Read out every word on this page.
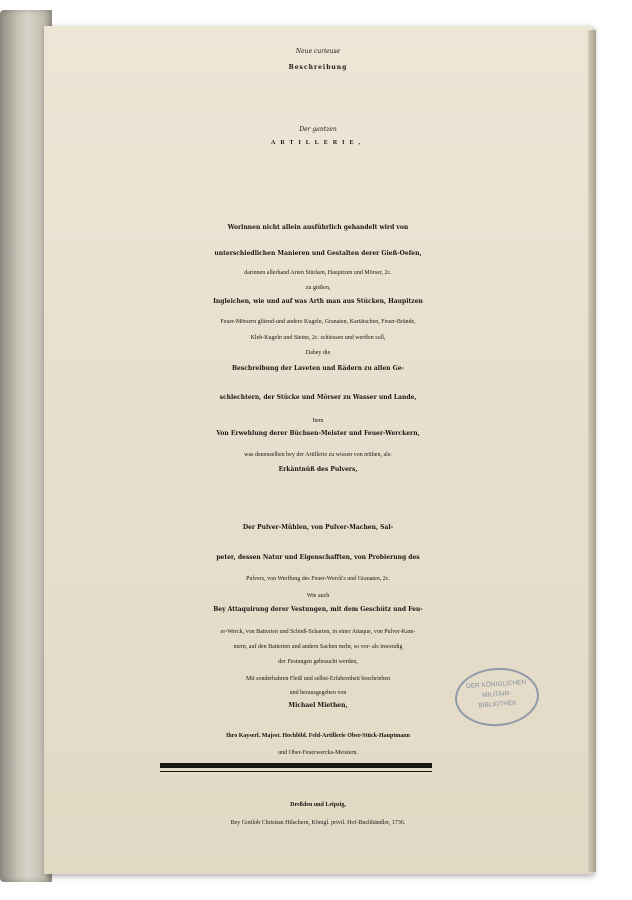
Neue curieuse
Beschreibung
Der gantzen
ARTILLERIE,
Worinnen nicht allein ausführlich gehandelt wird von
unterschiedlichen Manieren und Gestalten derer Gieß-Oefen,
darinnen allerhand Arten Stücken, Haupitzen und Mörser, 2c.
zu gießen,
Ingleichen, wie und auf was Arth man aus Stücken, Haupitzen
Feuer-Mörsern glüend-und andere Kugeln, Granaten, Kartätschen, Feuer-Brände,
Kleb-Kugeln und Steine, 2c. schiessen und werffen soll,
Dabey die
Beschreibung der Laveten und Rädern zu allen Ge-
schlechtern, der Stücke und Mörser zu Wasser und Lande,
Item
Von Erwehlung derer Büchsen-Meister und Feuer-Werckern,
was denenselben bey der Artillerie zu wissen von nöthen, als:
Erkäntnüß des Pulvers,
Der Pulver-Mühlen, von Pulver-Machen, Sal-
peter, dessen Natur und Eigenschafften, von Probierung des
Pulvers, von Werffung des Feuer-Werck's und Granaten, 2c.
Wie auch
Bey Attaquirung derer Vestungen, mit dem Geschütz und Feu-
er-Werck, von Batterien und Schieß-Scharten, in einer Attaque, von Pulver-Kam-
mern, auf den Batterien und andern Sachen mehr, so vor- als inwendig
der Festungen gebraucht werden,
Mit sonderbahren Fleiß und selbst-Erfahrenheit beschrieben
und herausgegeben von
Michael Miethen,
Ihro Kayserl. Majest. Hochlöbl. Feld-Artillerie Ober-Stück-Hauptmann
und Ober-Feuerwercks-Meistern.
Dreßden und Leipzig,
Bey Gottlob Christian Hilschern, Königl. privil. Hof-Buchhändler, 1736.
DER KÖNIGLICHEN
MILITAIR-
BIBLIOTHEK
